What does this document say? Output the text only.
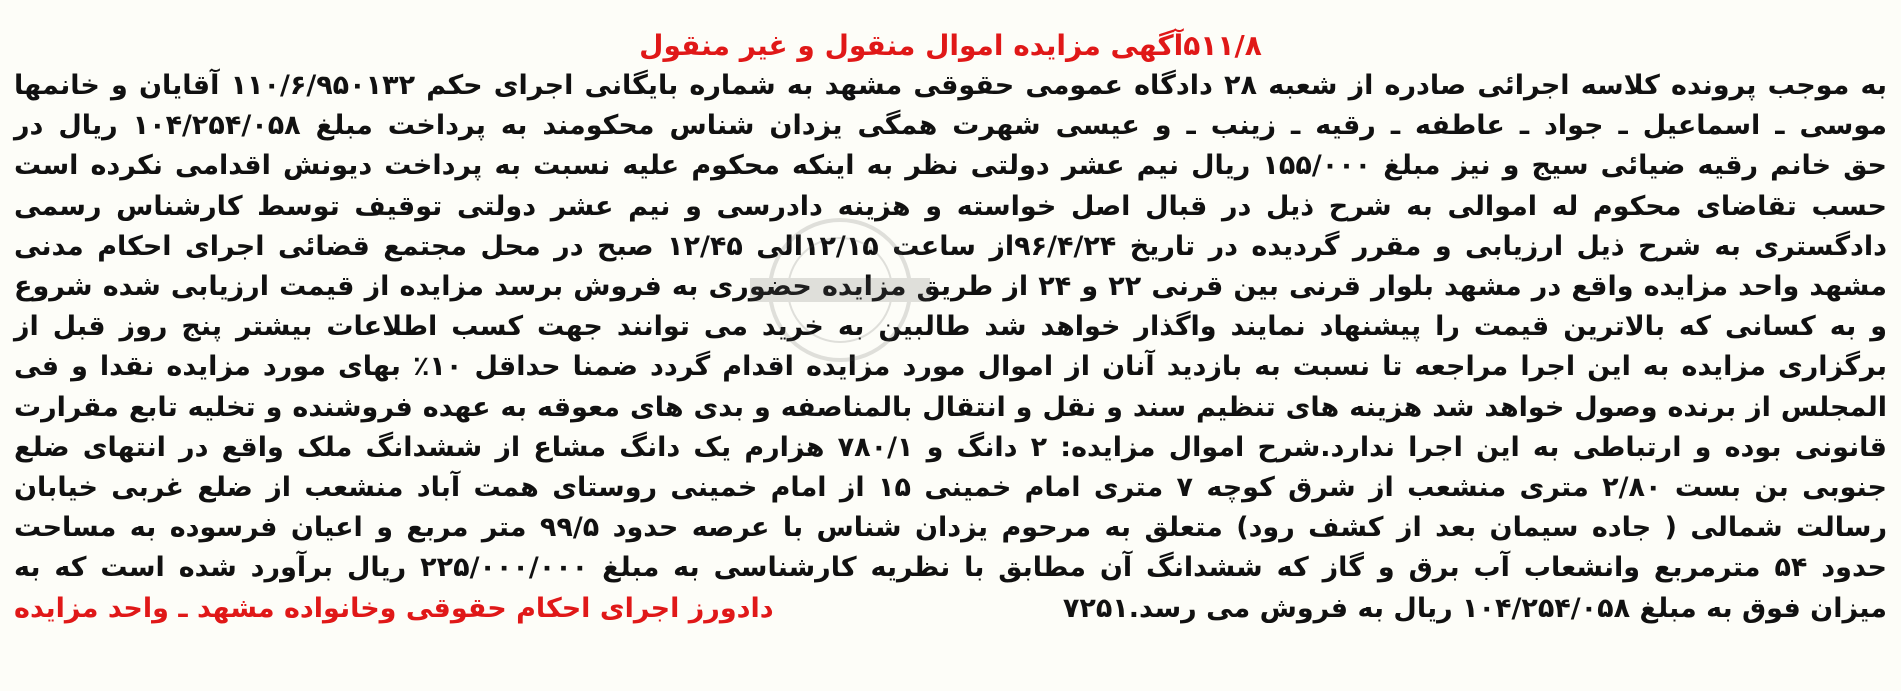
۵۱۱/۸آگهی مزایده اموال منقول و غیر منقول
به موجب پرونده کلاسه اجرائی صادره از شعبه ۲۸ دادگاه عمومی حقوقی مشهد به شماره بایگانی اجرای حکم ۱۱۰/۶/۹۵۰۱۳۲ آقایان و خانمها
موسی ـ اسماعیل ـ جواد ـ عاطفه ـ رقیه ـ زینب ـ و عیسی شهرت همگی یزدان شناس محکومند به پرداخت مبلغ ۱۰۴/۲۵۴/۰۵۸ ریال در
حق خانم رقیه ضیائی سیج و نیز مبلغ ۱۵۵/۰۰۰ ریال نیم عشر دولتی نظر به اینکه محکوم علیه نسبت به پرداخت دیونش اقدامی نکرده است
حسب تقاضای محکوم له اموالی به شرح ذیل در قبال اصل خواسته و هزینه دادرسی و نیم عشر دولتی توقیف توسط کارشناس رسمی
دادگستری به شرح ذیل ارزیابی و مقرر گردیده در تاریخ ۹۶/۴/۲۴از ساعت ۱۲/۱۵الی ۱۲/۴۵ صبح در محل مجتمع قضائی اجرای احکام مدنی
مشهد واحد مزایده واقع در مشهد بلوار قرنی بین قرنی ۲۲ و ۲۴ از طریق مزایده حضوری به فروش برسد مزایده از قیمت ارزیابی شده شروع
و به کسانی که بالاترین قیمت را پیشنهاد نمایند واگذار خواهد شد طالبین به خرید می توانند جهت کسب اطلاعات بیشتر پنج روز قبل از
برگزاری مزایده به این اجرا مراجعه تا نسبت به بازدید آنان از اموال مورد مزایده اقدام گردد ضمنا حداقل ۱۰٪ بهای مورد مزایده نقدا و فی
المجلس از برنده وصول خواهد شد هزینه های تنظیم سند و نقل و انتقال بالمناصفه و بدی های معوقه به عهده فروشنده و تخلیه تابع مقرارت
قانونی بوده و ارتباطی به این اجرا ندارد.شرح اموال مزایده: ۲ دانگ و ۷۸۰/۱ هزارم یک دانگ مشاع از ششدانگ ملک واقع در انتهای ضلع
جنوبی بن بست ۲/۸۰ متری منشعب از شرق کوچه ۷ متری امام خمینی ۱۵ از امام خمینی روستای همت آباد منشعب از ضلع غربی خیابان
رسالت شمالی ( جاده سیمان بعد از کشف رود) متعلق به مرحوم یزدان شناس با عرصه حدود ۹۹/۵ متر مربع و اعیان فرسوده به مساحت
حدود ۵۴ مترمربع وانشعاب آب برق و گاز که ششدانگ آن مطابق با نظریه کارشناسی به مبلغ ۲۲۵/۰۰۰/۰۰۰ ریال برآورد شده است که به
میزان فوق به مبلغ ۱۰۴/۲۵۴/۰۵۸ ریال به فروش می رسد.۷۲۵۱
دادورز اجرای احکام حقوقی وخانواده مشهد ـ واحد مزایده
